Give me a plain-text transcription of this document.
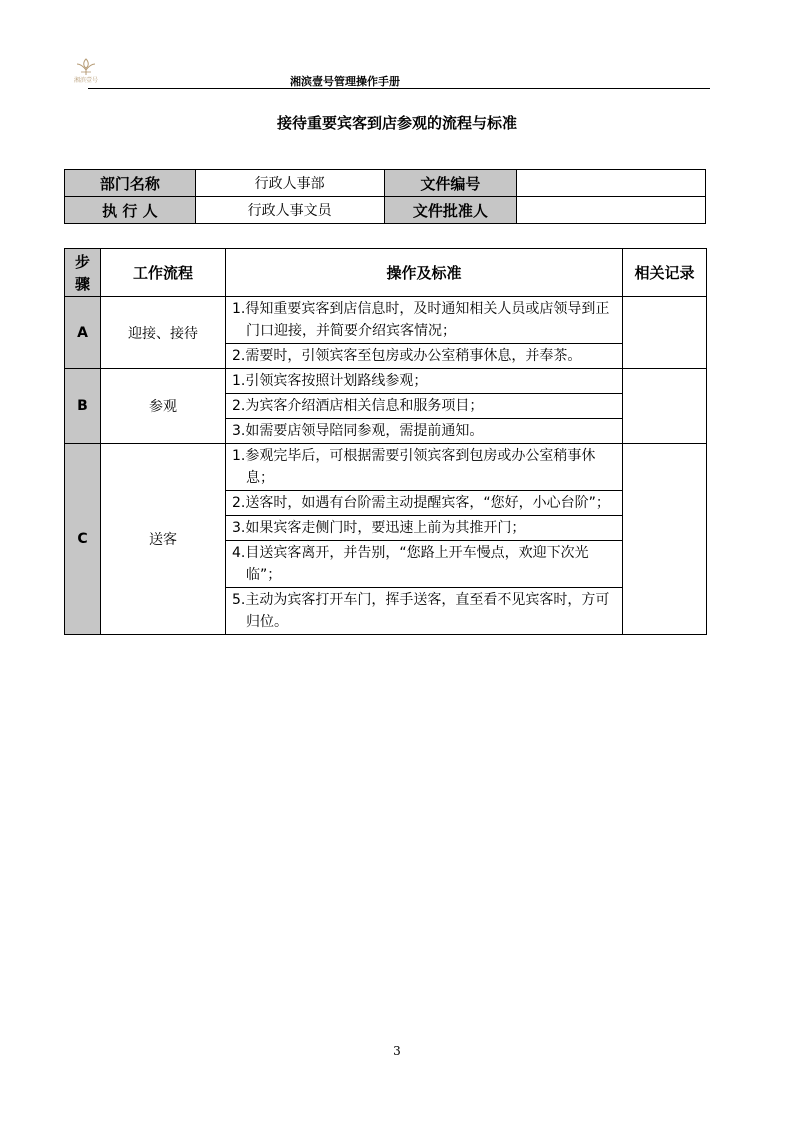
湘滨壹号	湘滨壹号管理操作手册
接待重要宾客到店参观的流程与标准
部门名称	行政人事部	文件编号	
执 行 人	行政人事文员	文件批准人	
步骤	工作流程	操作及标准	相关记录
A	迎接、接待	1.得知重要宾客到店信息时，及时通知相关人员或店领导到正门口迎接，并简要介绍宾客情况；	

		2.需要时，引领宾客至包房或办公室稍事休息，并奉茶。	

B	参观	1.引领宾客按照计划路线参观；	

		2.为宾客介绍酒店相关信息和服务项目；	

		3.如需要店领导陪同参观，需提前通知。	

C	送客	1.参观完毕后，可根据需要引领宾客到包房或办公室稍事休息；	

		2.送客时，如遇有台阶需主动提醒宾客，“您好，小心台阶”；	

		3.如果宾客走侧门时，要迅速上前为其推开门；	

		4.目送宾客离开，并告别，“您路上开车慢点，欢迎下次光临”；	

		5.主动为宾客打开车门，挥手送客，直至看不见宾客时，方可归位。	
3
